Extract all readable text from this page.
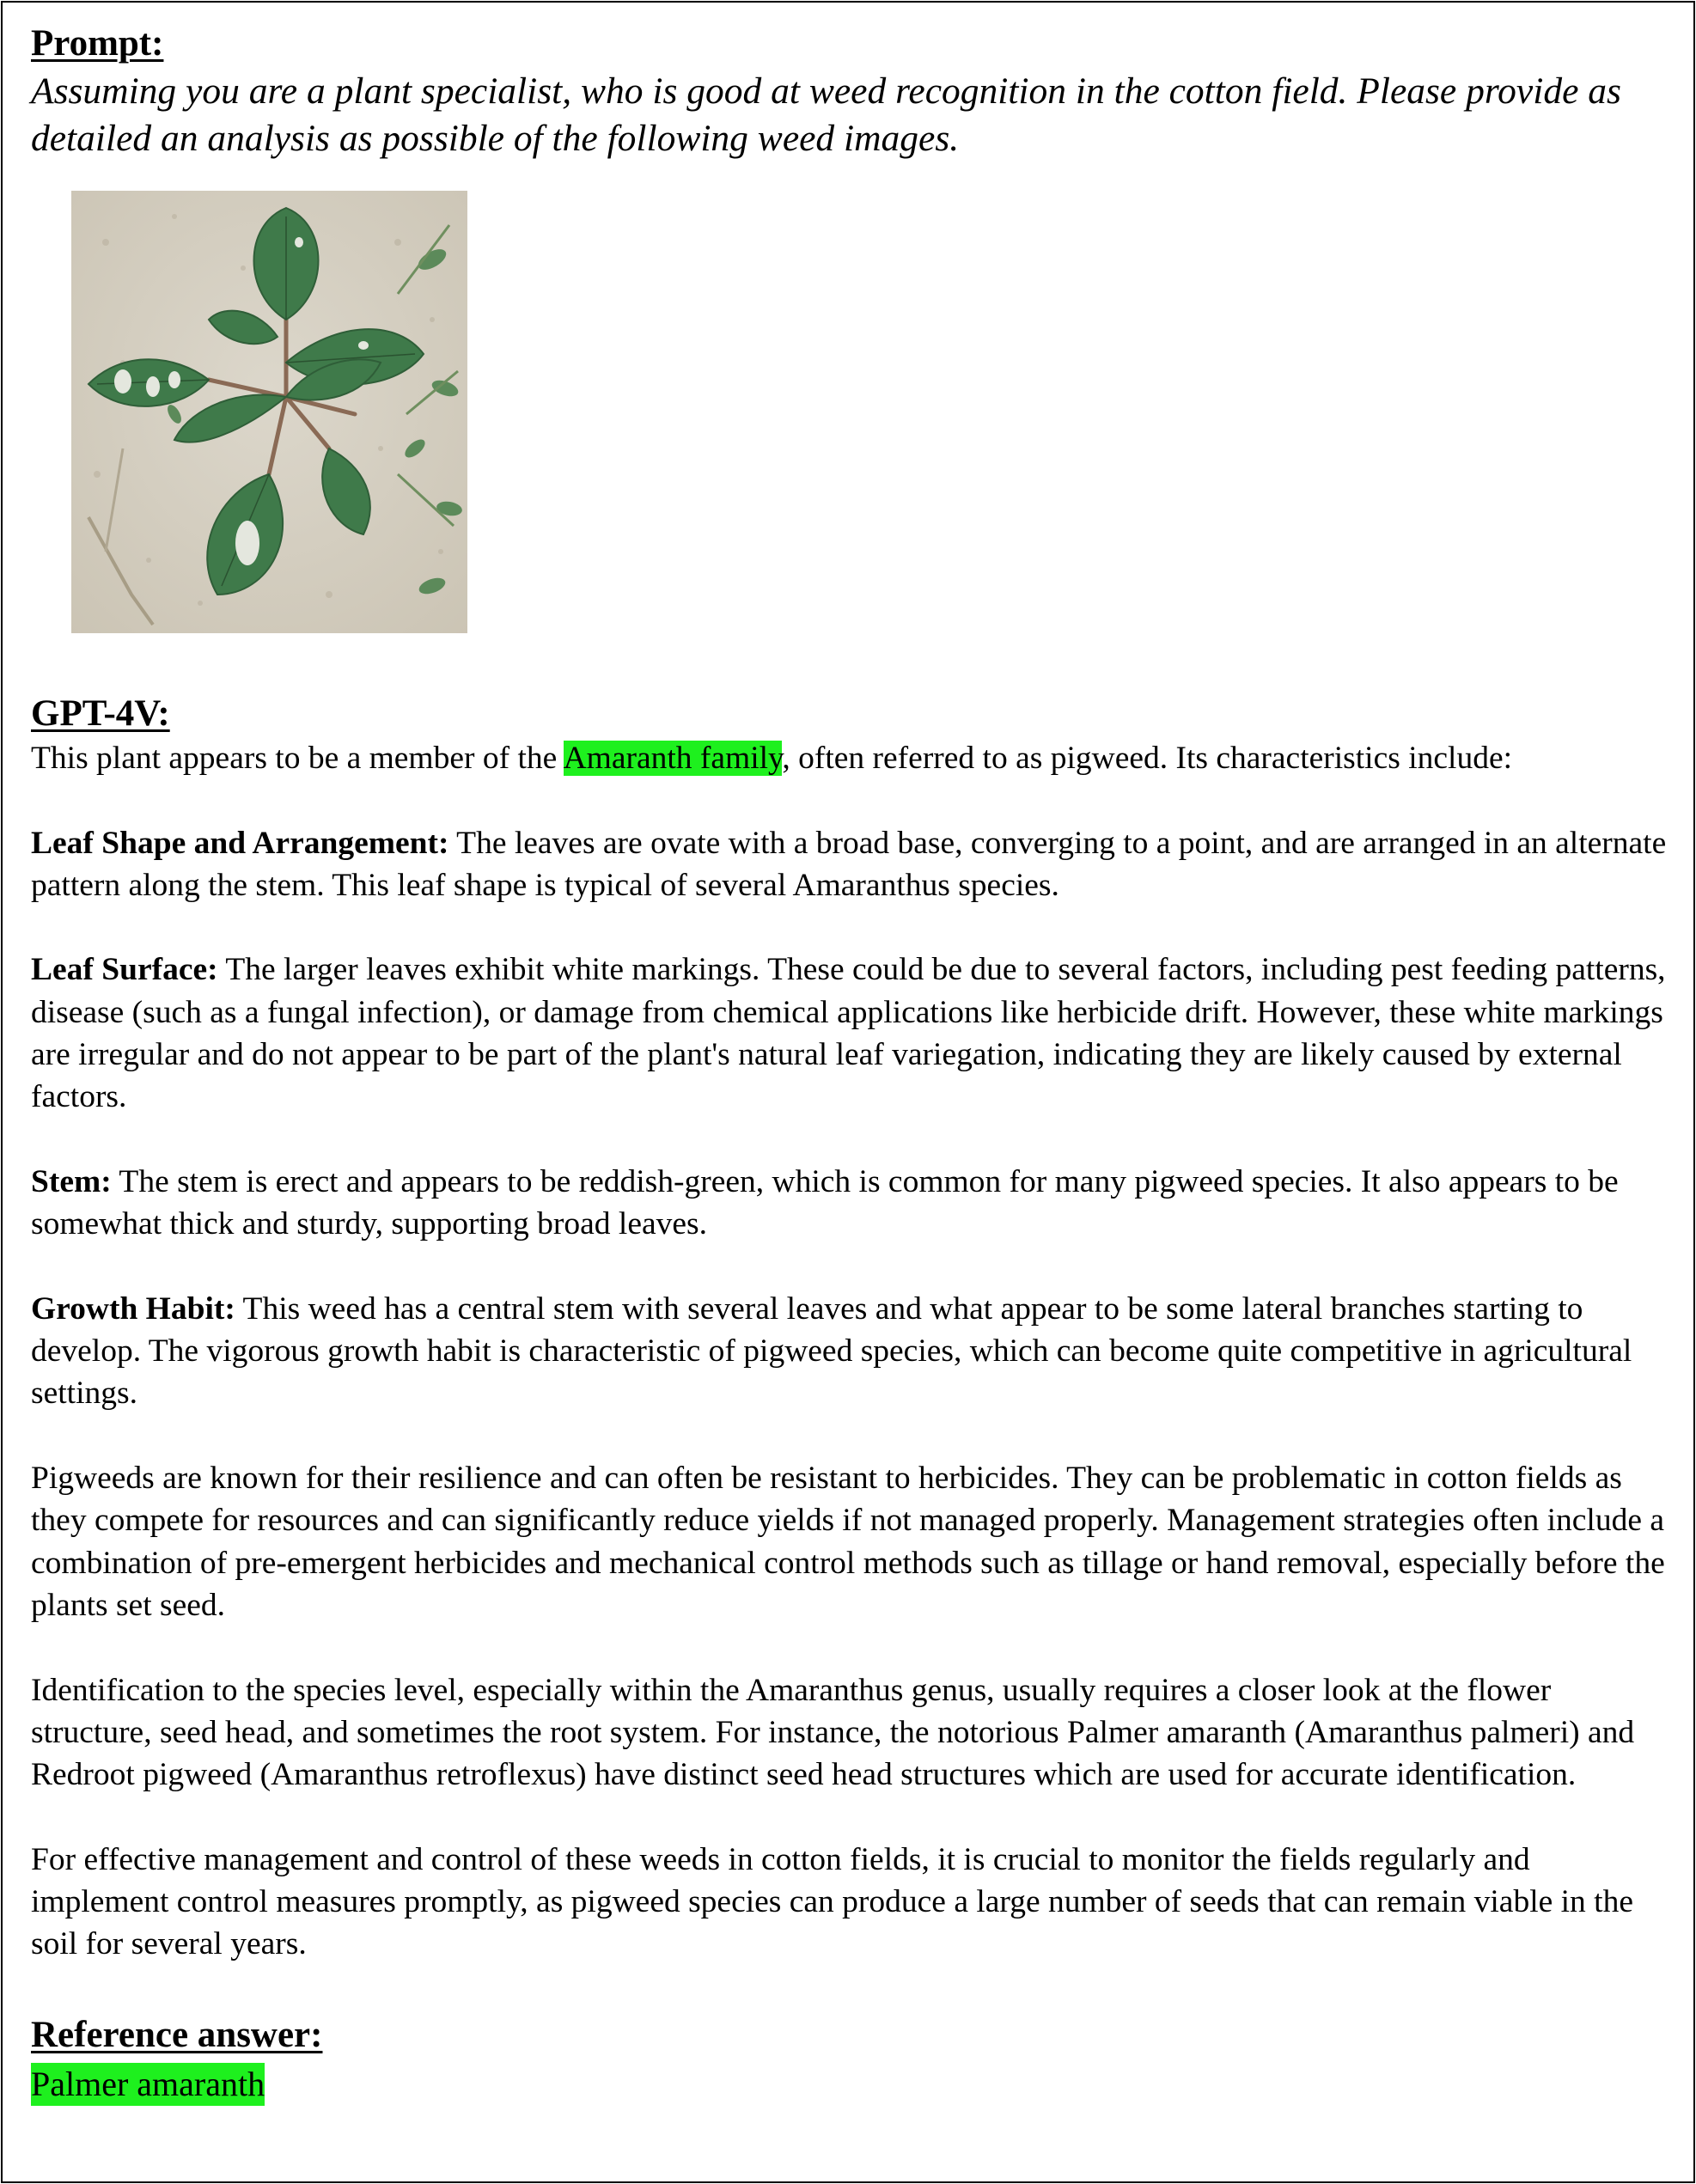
Prompt:
Assuming you are a plant specialist, who is good at weed recognition in the cotton field. Please provide as detailed an analysis as possible of the following weed images.
GPT-4V:

This plant appears to be a member of the Amaranth family, often referred to as pigweed. Its characteristics include:

Leaf Shape and Arrangement: The leaves are ovate with a broad base, converging to a point, and are arranged in an alternate pattern along the stem. This leaf shape is typical of several Amaranthus species.

Leaf Surface: The larger leaves exhibit white markings. These could be due to several factors, including pest feeding patterns, disease (such as a fungal infection), or damage from chemical applications like herbicide drift. However, these white markings are irregular and do not appear to be part of the plant's natural leaf variegation, indicating they are likely caused by external factors.

Stem: The stem is erect and appears to be reddish-green, which is common for many pigweed species. It also appears to be somewhat thick and sturdy, supporting broad leaves.

Growth Habit: This weed has a central stem with several leaves and what appear to be some lateral branches starting to develop. The vigorous growth habit is characteristic of pigweed species, which can become quite competitive in agricultural settings.

Pigweeds are known for their resilience and can often be resistant to herbicides. They can be problematic in cotton fields as they compete for resources and can significantly reduce yields if not managed properly. Management strategies often include a combination of pre-emergent herbicides and mechanical control methods such as tillage or hand removal, especially before the plants set seed.

Identification to the species level, especially within the Amaranthus genus, usually requires a closer look at the flower structure, seed head, and sometimes the root system. For instance, the notorious Palmer amaranth (Amaranthus palmeri) and Redroot pigweed (Amaranthus retroflexus) have distinct seed head structures which are used for accurate identification.

For effective management and control of these weeds in cotton fields, it is crucial to monitor the fields regularly and implement control measures promptly, as pigweed species can produce a large number of seeds that can remain viable in the soil for several years.

Reference answer:
Palmer amaranth
